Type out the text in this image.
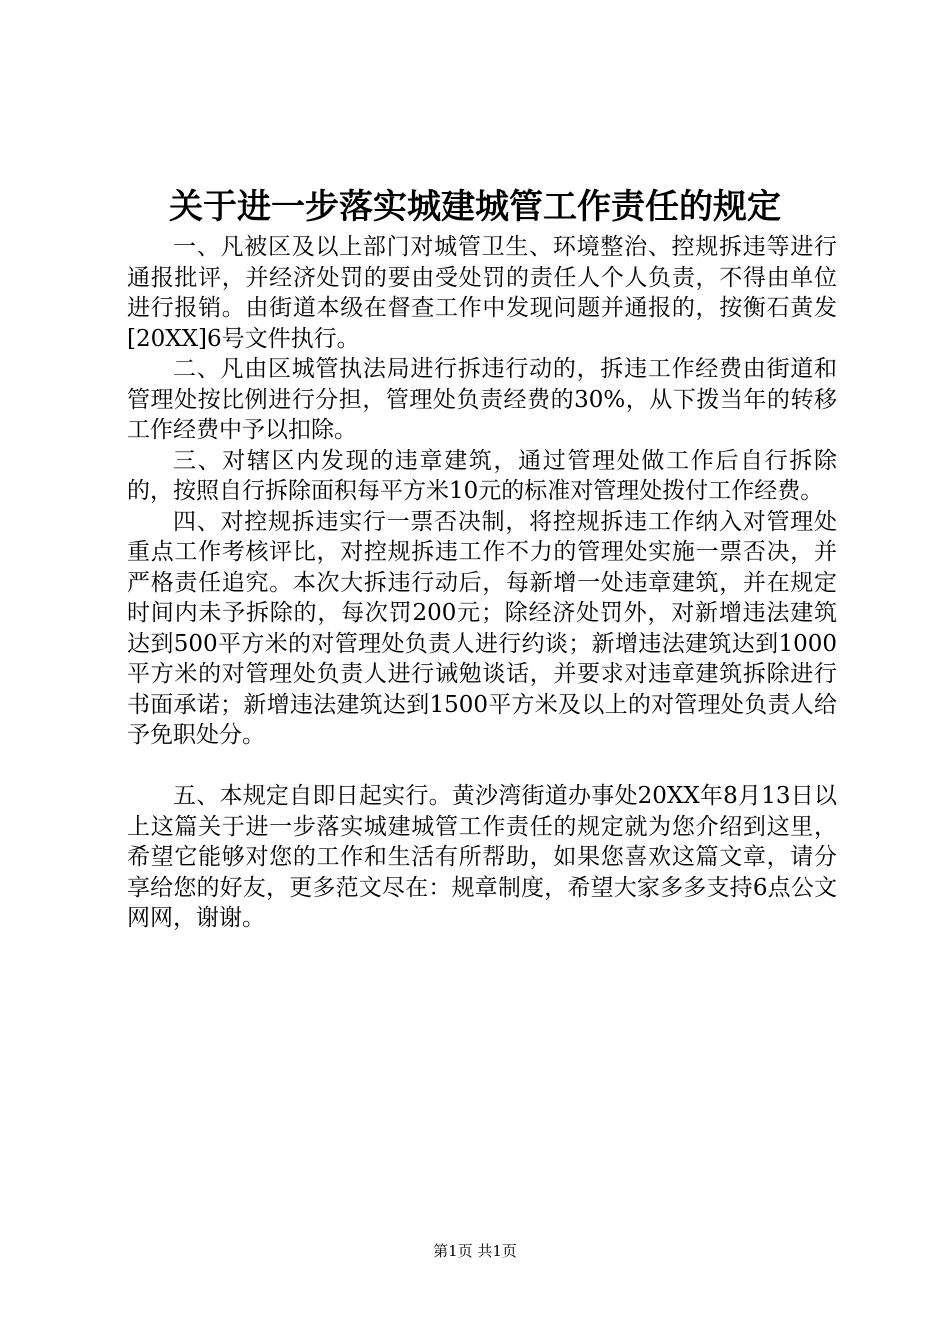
关于进一步落实城建城管工作责任的规定

一、凡被区及以上部门对城管卫生、环境整治、控规拆违等进行通报批评，并经济处罚的要由受处罚的责任人个人负责，不得由单位进行报销。由街道本级在督查工作中发现问题并通报的，按衡石黄发[20XX]6号文件执行。

二、凡由区城管执法局进行拆违行动的，拆违工作经费由街道和管理处按比例进行分担，管理处负责经费的30%，从下拨当年的转移工作经费中予以扣除。

三、对辖区内发现的违章建筑，通过管理处做工作后自行拆除的，按照自行拆除面积每平方米10元的标准对管理处拨付工作经费。

四、对控规拆违实行一票否决制，将控规拆违工作纳入对管理处重点工作考核评比，对控规拆违工作不力的管理处实施一票否决，并严格责任追究。本次大拆违行动后，每新增一处违章建筑，并在规定时间内未予拆除的，每次罚200元；除经济处罚外，对新增违法建筑达到500平方米的对管理处负责人进行约谈；新增违法建筑达到1000平方米的对管理处负责人进行诫勉谈话，并要求对违章建筑拆除进行书面承诺；新增违法建筑达到1500平方米及以上的对管理处负责人给予免职处分。

五、本规定自即日起实行。黄沙湾街道办事处20XX年8月13日以上这篇关于进一步落实城建城管工作责任的规定就为您介绍到这里，希望它能够对您的工作和生活有所帮助，如果您喜欢这篇文章，请分享给您的好友，更多范文尽在：规章制度，希望大家多多支持6点公文网网，谢谢。

第1页 共1页
